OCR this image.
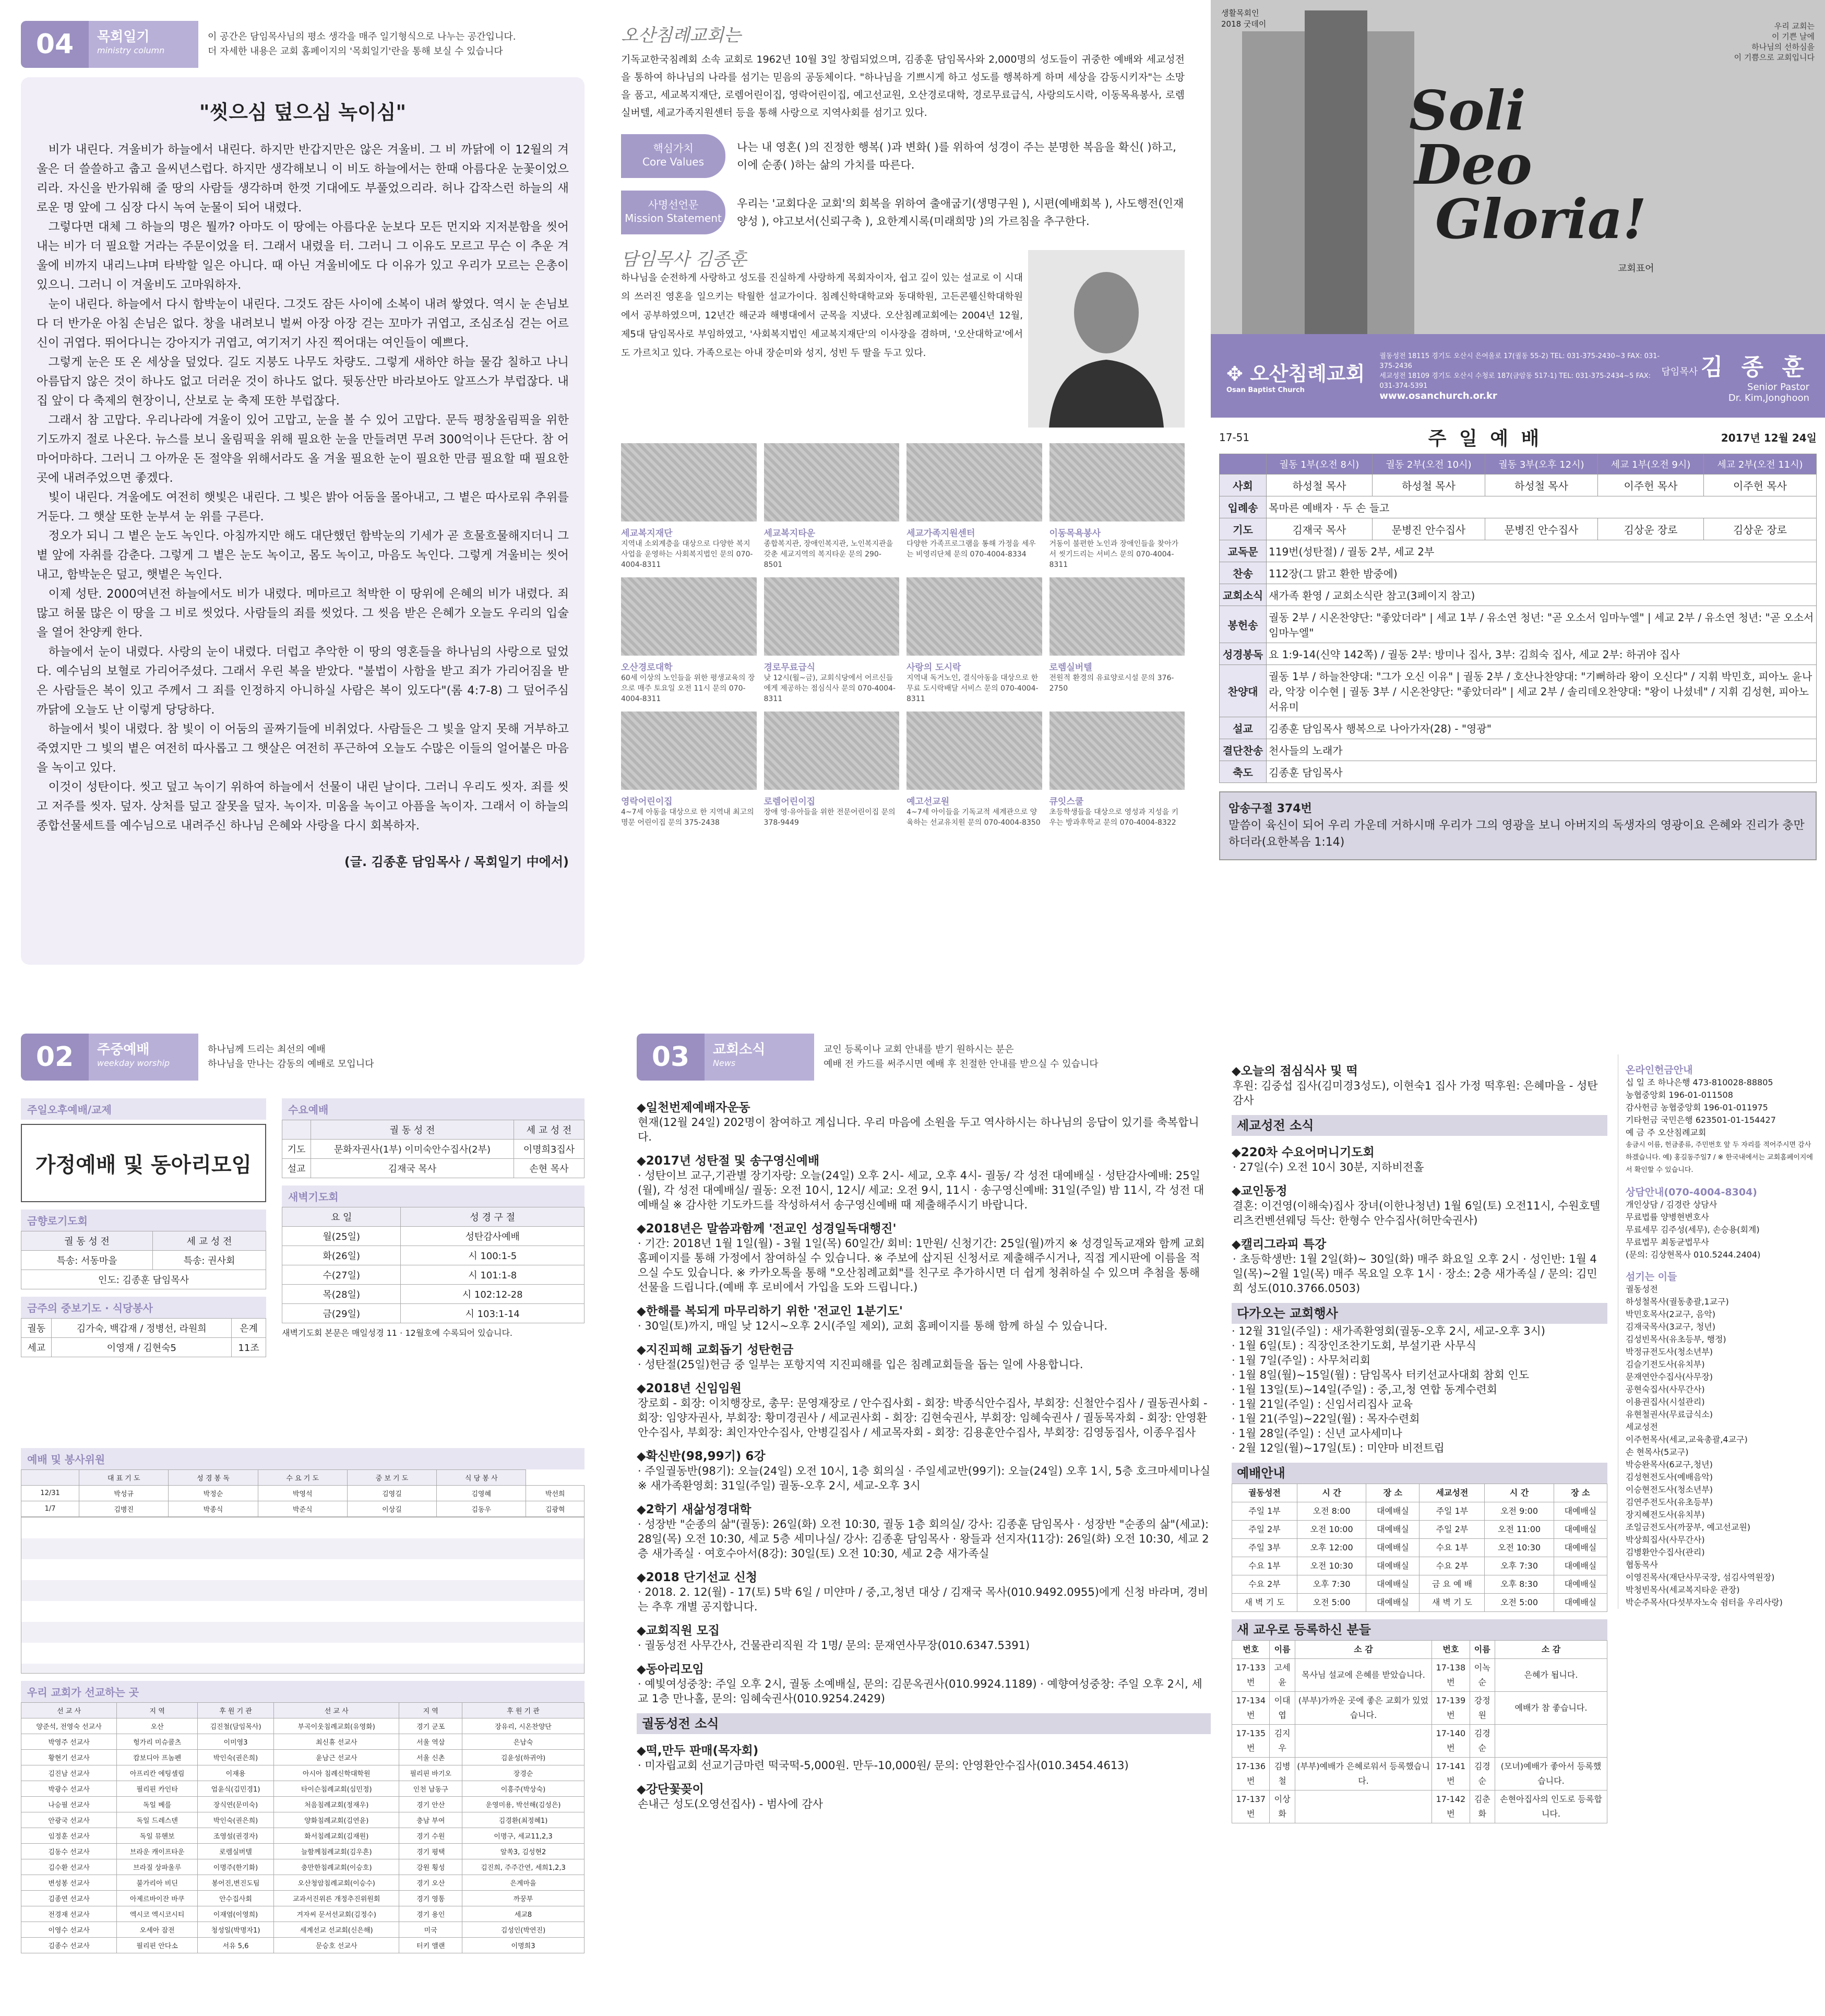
04	목회일기
ministry column
이 공간은 담임목사님의 평소 생각을 매주 일기형식으로 나누는 공간입니다.
더 자세한 내용은 교회 홈페이지의 '목회일기'란을 통해 보실 수 있습니다
"씻으심 덮으심 녹이심"

비가 내린다. 겨울비가 하늘에서 내린다. 하지만 반갑지만은 않은 겨울비. 그 비 까닭에 이 12월의 겨울은 더 쓸쓸하고 춥고 을씨년스럽다. 하지만 생각해보니 이 비도 하늘에서는 한때 아름다운 눈꽃이었으리라. 자신을 반가워해 줄 땅의 사람들 생각하며 한껏 기대에도 부풀었으리라. 허나 갑작스런 하늘의 새로운 명 앞에 그 심장 다시 녹여 눈물이 되어 내렸다.

그렇다면 대체 그 하늘의 명은 뭘까? 아마도 이 땅에는 아름다운 눈보다 모든 먼지와 지저분함을 씻어내는 비가 더 필요할 거라는 주문이었을 터. 그래서 내렸을 터. 그러니 그 이유도 모르고 무슨 이 추운 겨울에 비까지 내리느냐며 타박할 일은 아니다. 때 아닌 겨울비에도 다 이유가 있고 우리가 모르는 은총이 있으니. 그러니 이 겨울비도 고마워하자.

눈이 내린다. 하늘에서 다시 함박눈이 내린다. 그것도 잠든 사이에 소복이 내려 쌓였다. 역시 눈 손님보다 더 반가운 아침 손님은 없다. 창을 내려보니 벌써 아장 아장 걷는 꼬마가 귀엽고, 조심조심 걷는 어르신이 귀엽다. 뛰어다니는 강아지가 귀엽고, 여기저기 사진 찍어대는 여인들이 예쁘다.

그렇게 눈은 또 온 세상을 덮었다. 길도 지붕도 나무도 차량도. 그렇게 새하얀 하늘 물감 칠하고 나니 아름답지 않은 것이 하나도 없고 더러운 것이 하나도 없다. 뒷동산만 바라보아도 알프스가 부럽잖다. 내 집 앞이 다 축제의 현장이니, 산보로 눈 축제 또한 부럽잖다.

그래서 참 고맙다. 우리나라에 겨울이 있어 고맙고, 눈을 볼 수 있어 고맙다. 문득 평창올림픽을 위한 기도까지 절로 나온다. 뉴스를 보니 올림픽을 위해 필요한 눈을 만들려면 무려 300억이나 든단다. 참 어마어마하다. 그러니 그 아까운 돈 절약을 위해서라도 올 겨울 필요한 눈이 필요한 만큼 필요할 때 필요한 곳에 내려주었으면 좋겠다.

빛이 내린다. 겨울에도 여전히 햇빛은 내린다. 그 빛은 밝아 어둠을 몰아내고, 그 볕은 따사로워 추위를 거둔다. 그 햇살 또한 눈부셔 눈 위를 구른다.

정오가 되니 그 볕은 눈도 녹인다. 아침까지만 해도 대단했던 함박눈의 기세가 곧 흐물흐물해지더니 그 볕 앞에 자취를 감춘다. 그렇게 그 볕은 눈도 녹이고, 몸도 녹이고, 마음도 녹인다. 그렇게 겨울비는 씻어내고, 함박눈은 덮고, 햇볕은 녹인다.

이제 성탄. 2000여년전 하늘에서도 비가 내렸다. 메마르고 척박한 이 땅위에 은혜의 비가 내렸다. 죄 많고 허물 많은 이 땅을 그 비로 씻었다. 사람들의 죄를 씻었다. 그 씻음 받은 은혜가 오늘도 우리의 입술을 열어 찬양케 한다.

하늘에서 눈이 내렸다. 사랑의 눈이 내렸다. 더럽고 추악한 이 땅의 영혼들을 하나님의 사랑으로 덮었다. 예수님의 보혈로 가리어주셨다. 그래서 우린 복을 받았다. "불법이 사함을 받고 죄가 가리어짐을 받은 사람들은 복이 있고 주께서 그 죄를 인정하지 아니하실 사람은 복이 있도다"(롬 4:7-8) 그 덮어주심 까닭에 오늘도 난 이렇게 당당하다.

하늘에서 빛이 내렸다. 참 빛이 이 어둠의 골짜기들에 비취었다. 사람들은 그 빛을 알지 못해 거부하고 죽였지만 그 빛의 볕은 여전히 따사롭고 그 햇살은 여전히 푸근하여 오늘도 수많은 이들의 얼어붙은 마음을 녹이고 있다.

이것이 성탄이다. 씻고 덮고 녹이기 위하여 하늘에서 선물이 내린 날이다. 그러니 우리도 씻자. 죄를 씻고 저주를 씻자. 덮자. 상처를 덮고 잘못을 덮자. 녹이자. 미움을 녹이고 아픔을 녹이자. 그래서 이 하늘의 종합선물세트를 예수님으로 내려주신 하나님 은혜와 사랑을 다시 회복하자.

(글. 김종훈 담임목사 / 목회일기 中에서)
오산침례교회는
기독교한국침례회 소속 교회로 1962년 10월 3일 창립되었으며, 김종훈 담임목사와 2,000명의 성도들이 귀중한 예배와 세교성전을 통하여 하나님의 나라를 섬기는 믿음의 공동체이다. "하나님을 기쁘시게 하고 성도를 행복하게 하며 세상을 감동시키자"는 소망을 품고, 세교복지재단, 로렘어린이집, 영락어린이집, 예고선교원, 오산경로대학, 경로무료급식, 사랑의도시락, 이동목욕봉사, 로렘실버텔, 세교가족지원센터 등을 통해 사랑으로 지역사회를 섬기고 있다.
핵심가치
Core Values
나는 내 영혼( )의 진정한 행복( )과 변화( )를 위하여 성경이 주는 분명한 복음을 확신( )하고, 이에 순종( )하는 삶의 가치를 따른다.
사명선언문
Mission Statement
우리는 '교회다운 교회'의 회복을 위하여 출애굽기(생명구원 ), 시편(예배회복 ), 사도행전(인재양성 ), 야고보서(신뢰구축 ), 요한계시록(미래희망 )의 가르침을 추구한다.
담임목사 김종훈
하나님을 순전하게 사랑하고 성도를 진실하게 사랑하게 목회자이자, 쉽고 깊이 있는 설교로 이 시대의 쓰러진 영혼을 일으키는 탁월한 설교가이다. 침례신학대학교와 동대학원, 고든콘웰신학대학원에서 공부하였으며, 12년간 해군과 해병대에서 군목을 지냈다. 오산침례교회에는 2004년 12월, 제5대 담임목사로 부임하였고, '사회복지법인 세교복지재단'의 이사장을 겸하며, '오산대학교'에서도 가르치고 있다. 가족으로는 아내 장순미와 성지, 성빈 두 딸을 두고 있다.
세교복지재단
지역내 소외계층을 대상으로 다양한 복지사업을 운영하는 사회복지법인 문의 070-4004-8311
세교복지타운
종합복지관, 장애인복지관, 노인복지관을 갖춘 세교지역의 복지타운 문의 290-8501
세교가족지원센터
다양한 가족프로그램을 통해 가정을 세우는 비영리단체 문의 070-4004-8334
이동목욕봉사
거동이 불편한 노인과 장애인들을 찾아가서 씻기드리는 서비스 문의 070-4004-8311
오산경로대학
60세 이상의 노인들을 위한 평생교육의 장으로 매주 토요일 오전 11시 문의 070-4004-8311
경로무료급식
낮 12시(월~금), 교회식당에서 어르신들에게 제공하는 점심식사 문의 070-4004-8311
사랑의 도시락
지역내 독거노인, 결식아동을 대상으로 한 무료 도시락배달 서비스 문의 070-4004-8311
로렘실버텔
전원적 환경의 유료양로시설 문의 376-2750
영락어린이집
4~7세 아동을 대상으로 한 지역내 최고의 명문 어린이집 문의 375-2438
로렘어린이집
장애 영·유아들을 위한 전문어린이집 문의 378-9449
예고선교원
4~7세 아이들을 기독교적 세계관으로 양육하는 선교유치원 문의 070-4004-8350
큐잇스쿨
초등학생들을 대상으로 영성과 지성을 키우는 방과후학교 문의 070-4004-8322
생활목회인
2018 굿데이	우리 교회는
이 기쁜 날에
하나님의 선하심을
이 기쁨으로 교회입니다
Soli
Deo
Gloria!
교회표어
✥ 오산침례교회
Osan Baptist Church
궐동성전 18115 경기도 오산시 은여울로 17(궐동 55-2) TEL: 031-375-2430~3 FAX: 031-375-2436
세교성전 18109 경기도 오산시 수청로 187(금암동 517-1) TEL: 031-375-2434~5 FAX: 031-374-5391
www.osanchurch.or.kr
담임목사 김 종 훈
Senior Pastor
Dr. Kim,Jonghoon
17-51	주 일 예 배	2017년 12월 24일
	궐동 1부(오전 8시)	궐동 2부(오전 10시)	궐동 3부(오후 12시)	세교 1부(오전 9시)	세교 2부(오전 11시)
사회	하성철 목사	하성철 목사	하성철 목사	이주헌 목사	이주헌 목사
입례송	목마른 예배자 · 두 손 들고				
기도	김재국 목사	문병진 안수집사	문병진 안수집사	김상운 장로	김상운 장로
교독문	119번(성탄절) / 궐동 2부, 세교 2부				
찬송	112장(그 맑고 환한 밤중에)				
교회소식	새가족 환영 / 교회소식란 참고(3페이지 참고)				
봉헌송	궐동 2부 / 시온찬양단: "좋았더라" | 세교 1부 / 유소연 청년: "곧 오소서 임마누엘" | 세교 2부 / 유소연 청년: "곧 오소서 임마누엘"				
성경봉독	요 1:9-14(신약 142쪽) / 궐동 2부: 방미나 집사, 3부: 김희숙 집사, 세교 2부: 하귀야 집사				
찬양대	궐동 1부 / 하늘찬양대: "그가 오신 이유" | 궐동 2부 / 호산나찬양대: "기뻐하라 왕이 오신다" / 지휘 박민호, 피아노 윤나라, 악장 이수현 | 궐동 3부 / 시온찬양단: "좋았더라" | 세교 2부 / 솔리데오찬양대: "왕이 나셨네" / 지휘 김성현, 피아노 서유미				
설교	김종훈 담임목사 행복으로 나아가자(28) - "영광"				
결단찬송	천사들의 노래가				
축도	김종훈 담임목사				
암송구절 374번
말씀이 육신이 되어 우리 가운데 거하시매 우리가 그의 영광을 보니 아버지의 독생자의 영광이요 은혜와 진리가 충만하더라(요한복음 1:14)
02	주중예배
weekday worship
하나님께 드리는 최선의 예배
하나님을 만나는 감동의 예배로 모입니다
주일오후예배/교제
가정예배 및 동아리모임
금향로기도회
궐 동 성 전	세 교 성 전
특송: 서동마을	특송: 권사회
인도: 김종훈 담임목사	
금주의 중보기도 · 식당봉사
궐동	김가숙, 백갑재 / 정병선, 라원희	은계
세교	이영재 / 김현숙5	11조
수요예배
	궐 동 성 전	세 교 성 전
기도	문화자권사(1부) 이미숙안수집사(2부)	이명희3집사
설교	김재국 목사	손현 목사
새벽기도회
요 일	성 경 구 절
월(25일)	성탄감사예배
화(26일)	시 100:1-5
수(27일)	시 101:1-8
목(28일)	시 102:12-28
금(29일)	시 103:1-14
새벽기도회 본문은 매일성경 11 · 12월호에 수록되어 있습니다.
예배 및 봉사위원
	대 표 기 도	성 경 봉 독	수 요 기 도	중 보 기 도	식 당 봉 사	
12/31	박성규	박정순	박영석	김영길	김영혜	박선희
1/7	김병진	박종식	박준식	이상길	김동우	김광혁
우리 교회가 선교하는 곳
선 교 사	지 역	후 원 기 관	선 교 사	지 역	후 원 기 관
양준석, 전영숙 선교사	오산	김진철(담임목사)	부곡이웃침례교회(유영화)	경기 군포	장유리, 시온찬양단
박영주 선교사	헝가리 미슈콜츠	이미영3	최신휴 선교사	서울 역삼	은남숙
황현기 선교사	캄보디아 프놈펜	박인숙(권은희)	윤남근 선교사	서울 신촌	김윤성(하귀야)
김진남 선교사	아프리칸 에팅셀림	이재용	아시아 침례신학대학원	필리핀 바기오	장경순
박광수 선교사	필리핀 카인타	엄윤식(김민경1)	타이슨침례교회(심민정)	인천 남동구	이흥주(박상숙)
나승필 선교사	독일 베를	장식연(문미숙)	처음침례교회(정재우)	경기 안산	운영미용, 박선해(김성은)
안광국 선교사	독일 드레스덴	박인숙(권은희)	양화침례교회(김연윤)	충남 부여	김경환(최정혜1)
임정훈 선교사	독일 뮤헨보	조영설(권경자)	화서침례교회(김재원)	경기 수원	이명구, 세교11,2,3
김동수 선교사	브라운 캐이프타운	로렘실버텔	늘함께침례교회(김우흔)	경기 평택	알쏙3, 김성현2
김수환 선교사	브라질 상파울루	이명주(한기화)	충만한침례교회(이승호)	강원 횡성	김진희, 주주간연, 세희1,2,3
변성봉 선교사	불가리아 비딘	봉어진,변진도팀	오산청암침례교회(이승수)	경기 오산	은계마을
김종연 선교사	아제르바이잔 바쿠	안수집사회	교과서진위른 개정추진위원회	경기 영통	까꿍부
전경재 선교사	엑시코 엑시코시티	이재염(이영희)	겨자씨 문서선교회(김정수)	경기 용인	세교8
이영수 선교사	오세아 잠전	청성일(박명자1)	세계선교 선교회(신은해)	미국	김성인(박연진)
김종수 선교사	필리핀 안다소	서유 5,6	문승호 선교사	터키 앨랜	이명희3
03	교회소식
News
교인 등록이나 교회 안내를 받기 원하시는 분은
예배 전 카드를 써주시면 예배 후 친절한 안내를 받으실 수 있습니다
◆일천번제예배자운동

현재(12월 24일) 202명이 참여하고 계십니다. 우리 마음에 소원을 두고 역사하시는 하나님의 응답이 있기를 축복합니다.

◆2017년 성탄절 및 송구영신예배

· 성탄이브 교구,기관별 장기자랑: 오늘(24일) 오후 2시- 세교, 오후 4시- 궐동/ 각 성전 대예배실 · 성탄감사예배: 25일(월), 각 성전 대예배실/ 궐동: 오전 10시, 12시/ 세교: 오전 9시, 11시 · 송구영신예배: 31일(주일) 밤 11시, 각 성전 대예배실 ※ 감사한 기도카드를 작성하셔서 송구영신예배 때 제출해주시기 바랍니다.

◆2018년은 말씀과함께 '전교인 성경일독대행진'

· 기간: 2018년 1월 1일(월) - 3월 1일(목) 60일간/ 회비: 1만원/ 신청기간: 25일(월)까지 ※ 성경일독교재와 함께 교회 홈페이지를 통해 가정에서 참여하실 수 있습니다. ※ 주보에 삽지된 신청서로 제출해주시거나, 직접 게시판에 이름을 적으실 수도 있습니다. ※ 카카오톡을 통해 "오산침례교회"를 친구로 추가하시면 더 쉽게 청취하실 수 있으며 추첨을 통해 선물을 드립니다.(예배 후 로비에서 가입을 도와 드립니다.)

◆한해를 복되게 마무리하기 위한 '전교인 1분기도'

· 30일(토)까지, 매일 낮 12시~오후 2시(주일 제외), 교회 홈페이지를 통해 함께 하실 수 있습니다.

◆지진피해 교회돕기 성탄헌금

· 성탄절(25일)헌금 중 일부는 포항지역 지진피해를 입은 침례교회들을 돕는 일에 사용합니다.

◆2018년 신임임원

장로회 - 회장: 이치행장로, 총무: 문영재장로 / 안수집사회 - 회장: 박종식안수집사, 부회장: 신철안수집사 / 궐동권사회 - 회장: 임양자권사, 부회장: 황미경권사 / 세교권사회 - 회장: 김현숙권사, 부회장: 임혜숙권사 / 궐동목자회 - 회장: 안영환안수집사, 부회장: 최인자안수집사, 안병길집사 / 세교목자회 - 회장: 김용훈안수집사, 부회장: 김영동집사, 이종우집사

◆확신반(98,99기) 6강

· 주일궐동반(98기): 오늘(24일) 오전 10시, 1층 회의실 · 주일세교반(99기): 오늘(24일) 오후 1시, 5층 호크마세미나실 ※ 새가족환영회: 31일(주일) 궐동-오후 2시, 세교-오후 3시

◆2학기 새삶성경대학

· 성장반 "순종의 삶"(궐동): 26일(화) 오전 10:30, 궐동 1층 회의실/ 강사: 김종훈 담임목사 · 성장반 "순종의 삶"(세교): 28일(목) 오전 10:30, 세교 5층 세미나실/ 강사: 김종훈 담임목사 · 왕들과 선지자(11강): 26일(화) 오전 10:30, 세교 2층 새가족실 · 여호수아서(8강): 30일(토) 오전 10:30, 세교 2층 새가족실

◆2018 단기선교 신청

· 2018. 2. 12(월) - 17(토) 5박 6일 / 미얀마 / 중,고,청년 대상 / 김재국 목사(010.9492.0955)에게 신청 바라며, 경비는 추후 개별 공지합니다.

◆교회직원 모집

· 궐동성전 사무간사, 건물관리직원 각 1명/ 문의: 문재연사무장(010.6347.5391)

◆동아리모임

· 예빛여성중창: 주일 오후 2시, 궐동 소예배실, 문의: 김문옥권사(010.9924.1189) · 예향여성중창: 주일 오후 2시, 세교 1층 만나홀, 문의: 임혜숙권사(010.9254.2429)

궐동성전 소식
◆떡,만두 판매(목자회)

· 미자립교회 선교기금마련 떡국떡-5,000원. 만두-10,000원/ 문의: 안영환안수집사(010.3454.4613)

◆강단꽃꽂이

손내근 성도(오영선집사) - 범사에 감사

◆오늘의 점심식사 및 떡

후원: 김중섭 집사(김미경3성도), 이현숙1 집사 가정 떡후원: 은혜마을 - 성탄 감사

세교성전 소식
◆220차 수요어머니기도회

· 27일(수) 오전 10시 30분, 지하비전홀

◆교인동정

결혼: 이건영(이해숙)집사 장녀(이한나청년) 1월 6일(토) 오전11시, 수원호텔리츠컨벤션웨딩 득산: 한형수 안수집사(허만숙권사)

◆캘리그라피 특강

· 초등학생반: 1월 2일(화)~ 30일(화) 매주 화요일 오후 2시 · 성인반: 1월 4일(목)~2월 1일(목) 매주 목요일 오후 1시 · 장소: 2층 새가족실 / 문의: 김민희 성도(010.3766.0503)

다가오는 교회행사
· 12월 31일(주일) : 새가족환영회(궐동-오후 2시, 세교-오후 3시)
· 1월 6일(토) : 직장인조찬기도회, 부설기관 사무식
· 1월 7일(주일) : 사무처리회
· 1월 8일(월)~15일(월) : 담임목사 터키선교사대회 참회 인도
· 1월 13일(토)~14일(주일) : 중,고,청 연합 동계수련회
· 1월 21일(주일) : 신임서리집사 교육
· 1월 21(주일)~22일(월) : 목자수련회
· 1월 28일(주일) : 신년 교사세미나
· 2월 12일(월)~17일(토) : 미얀마 비전트립
예배안내
궐동성전	시 간	장 소	세교성전	시 간	장 소
주일 1부	오전 8:00	대예배실	주일 1부	오전 9:00	대예배실
주일 2부	오전 10:00	대예배실	주일 2부	오전 11:00	대예배실
주일 3부	오후 12:00	대예배실	수요 1부	오전 10:30	대예배실
수요 1부	오전 10:30	대예배실	수요 2부	오후 7:30	대예배실
수요 2부	오후 7:30	대예배실	금 요 예 배	오후 8:30	대예배실
새 벽 기 도	오전 5:00	대예배실	새 벽 기 도	오전 5:00	대예배실
새 교우로 등록하신 분들
번호	이름	소 감	번호	이름	소 감
17-133번	고세윤	목사님 설교에 은혜를 받았습니다.	17-138번	이녹순	은혜가 됩니다.
17-134번	이대엽	(부부)가까운 곳에 좋은 교회가 있었습니다.	17-139번	강정원	예배가 참 좋습니다.
17-135번	김지우		17-140번	김경순	
17-136번	김병철	(부부)예배가 은혜로워서 등록했습니다.	17-141번	김경순	(모녀)예배가 좋아서 등록했습니다.
17-137번	이상화		17-142번	김춘화	손현아집사의 인도로 등록합니다.
온라인헌금안내
십 일 조 하나은행 473-810028-88805
농협중앙회 196-01-011508
감사헌금 농협중앙회 196-01-011975
기타헌금 국민은행 623501-01-154427
예 금 주 오산침례교회
송금시 이름, 헌금종류, 주민번호 앞 두 자리를 적어주시면 감사하겠습니다. 예) 홍길동주일7 / ※ 한국내에서는 교회홈페이지에서 확인할 수 있습니다.
상담안내(070-4004-8304)
개인상담 / 김경란 상담사
무료법률 양병현변호사
무료세무 김주성(세무), 손승용(회계)
무료법무 최동균법무사
(문의: 김상현목사 010.5244.2404)
섬기는 이들
궐동성전
하성철목사(궐동총괄,1교구)
박민호목사(2교구, 음악)
김재국목사(3교구, 청년)
김성빈목사(유초등부, 행정)
박정규전도사(청소년부)
김슬기전도사(유치부)
문재연안수집사(사무장)
공현숙집사(사무간사)
이용권집사(시설관리)
유현철권사(무료급식소)
세교성전
이주헌목사(세교,교육총괄,4교구)
손 현목사(5교구)
박승완목사(6교구,청년)
김성현전도사(예배음악)
이승현전도사(청소년부)
김연주전도사(유초등부)
장지혜전도사(유치부)
조일금전도사(까꿍부, 예고선교원)
박상희집사(사무간사)
김병환안수집사(관리)
협동목사
이영진목사(재단사무국장, 섬김사역원장)
박청빈목사(세교복지타운 관장)
박순주목사(다섯부자노숙 쉼터을 우리사랑)
